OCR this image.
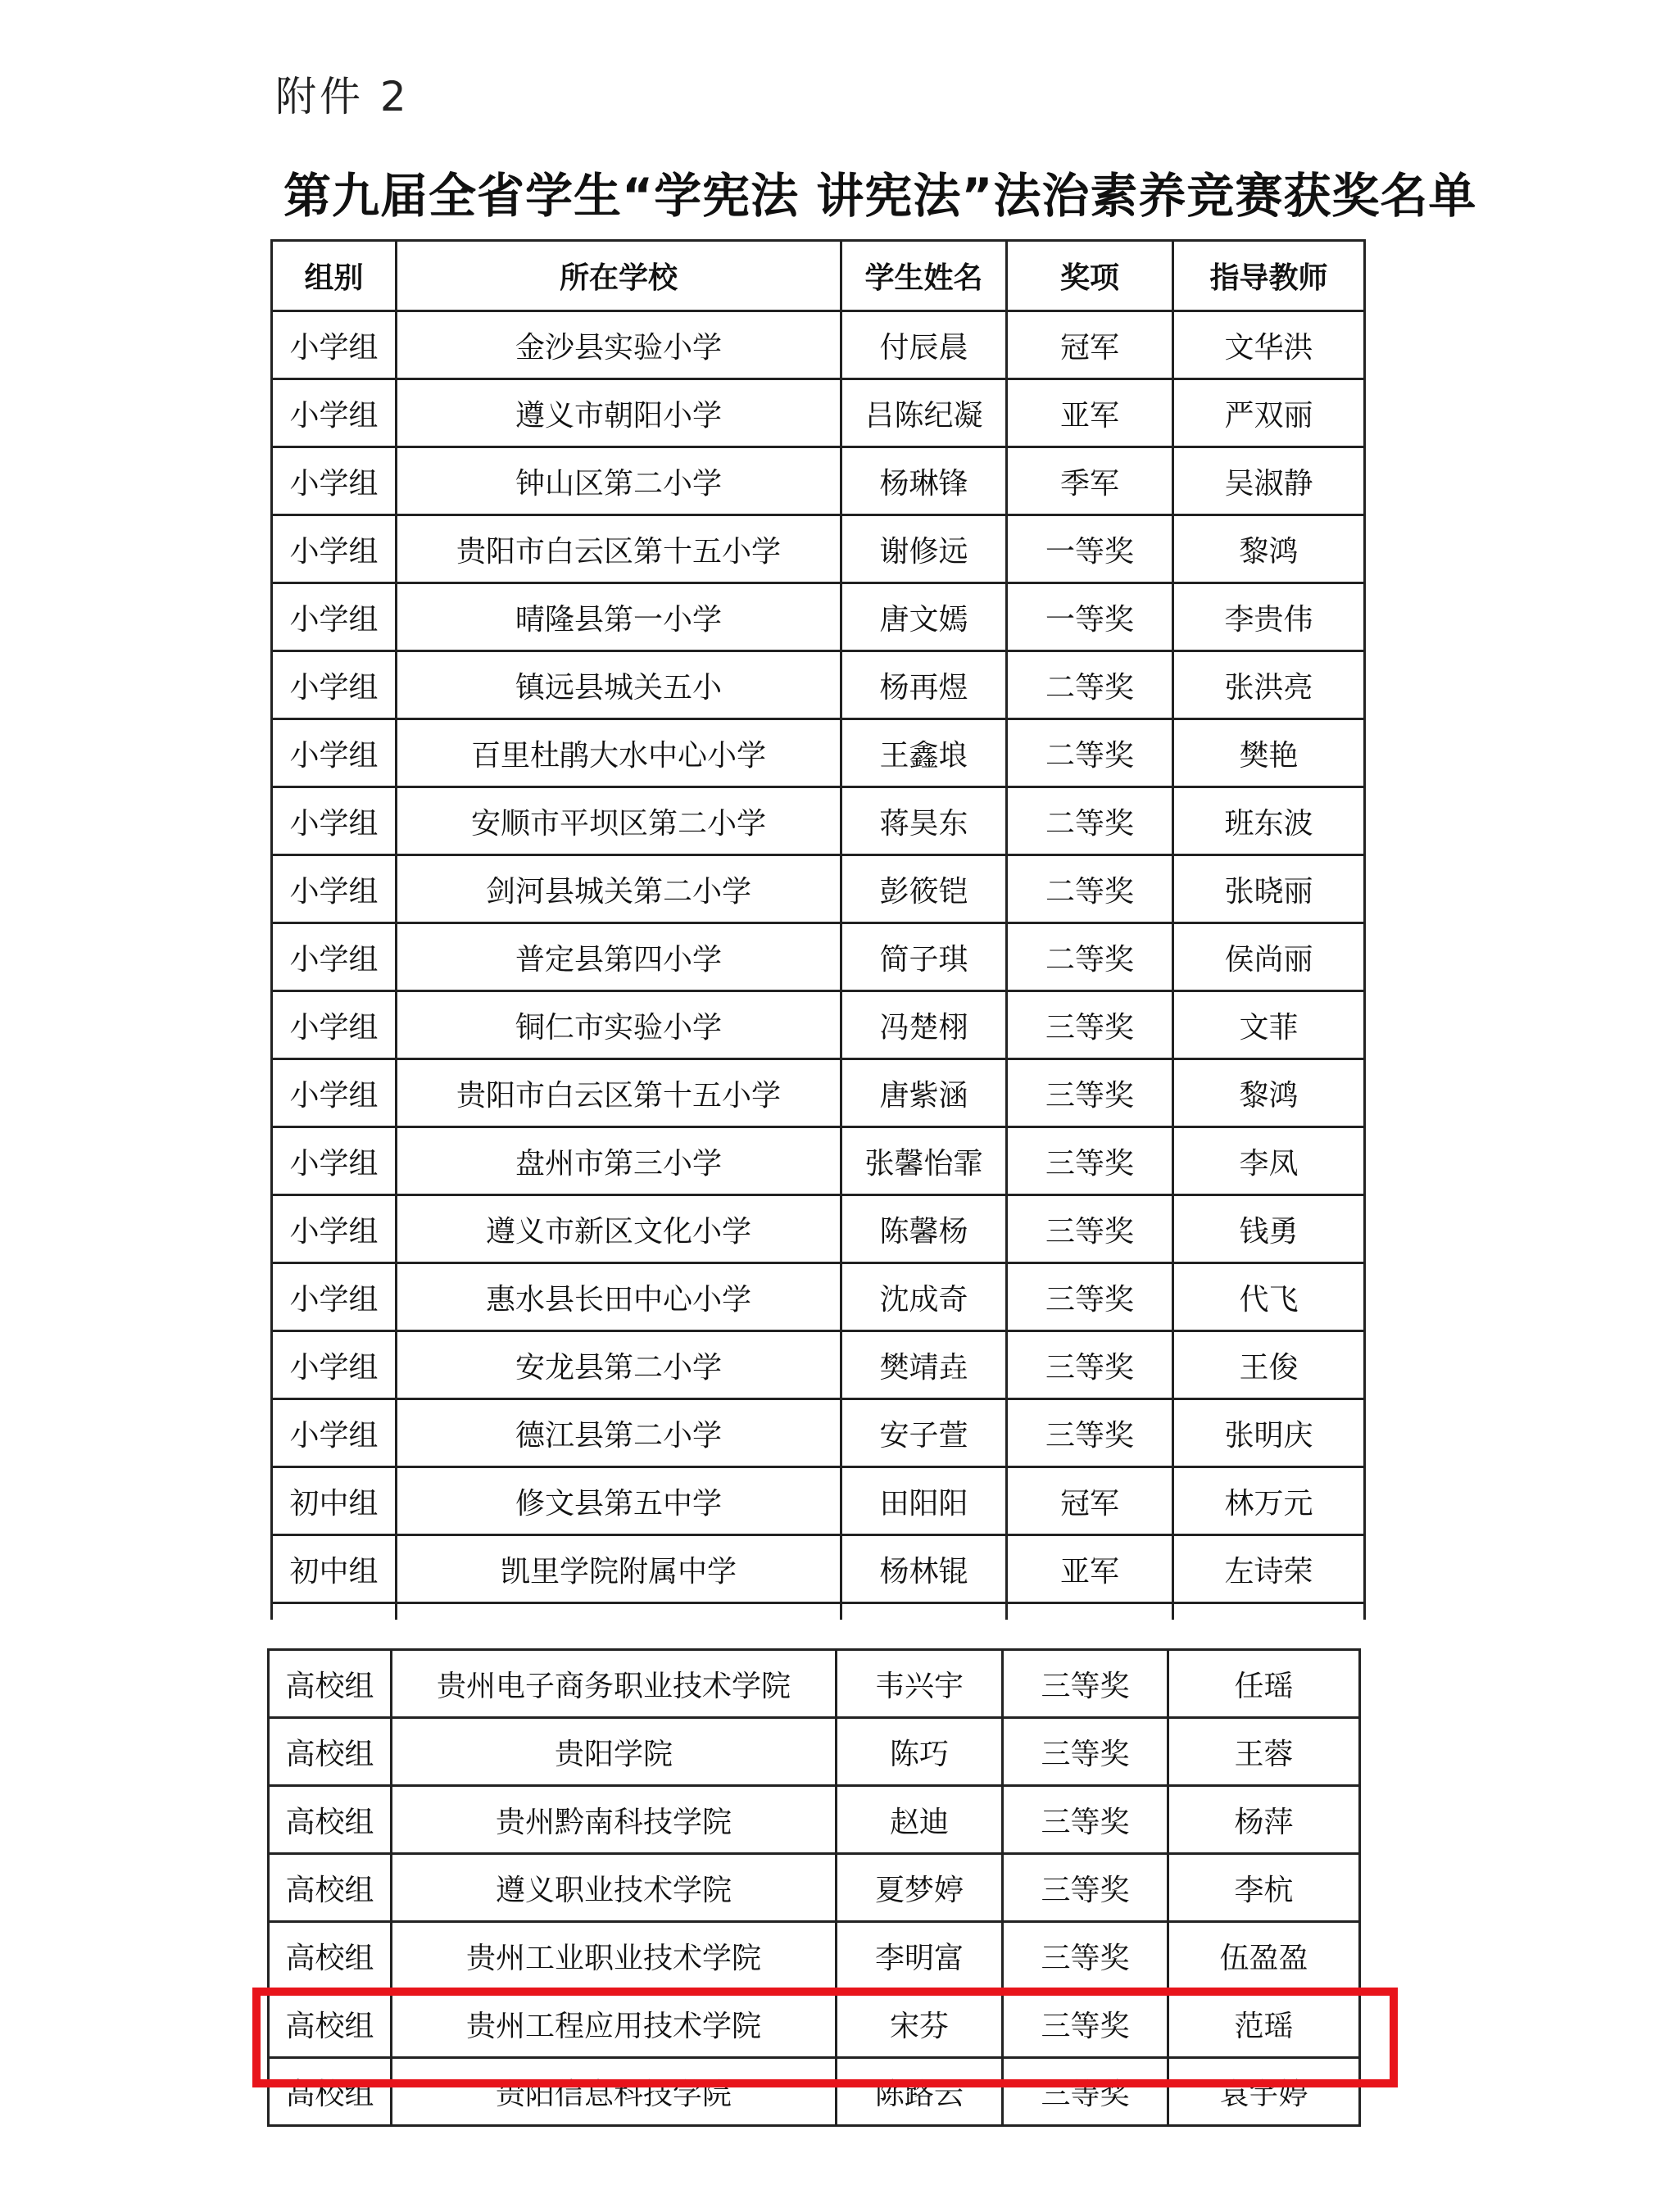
附件 2
第九届全省学生“学宪法 讲宪法”法治素养竞赛获奖名单
组别	所在学校	学生姓名	奖项	指导教师
小学组	金沙县实验小学	付辰晨	冠军	文华洪
小学组	遵义市朝阳小学	吕陈纪凝	亚军	严双丽
小学组	钟山区第二小学	杨琳锋	季军	吴淑静
小学组	贵阳市白云区第十五小学	谢修远	一等奖	黎鸿
小学组	晴隆县第一小学	唐文嫣	一等奖	李贵伟
小学组	镇远县城关五小	杨再煜	二等奖	张洪亮
小学组	百里杜鹃大水中心小学	王鑫埌	二等奖	樊艳
小学组	安顺市平坝区第二小学	蒋昊东	二等奖	班东波
小学组	剑河县城关第二小学	彭筱铠	二等奖	张晓丽
小学组	普定县第四小学	简子琪	二等奖	侯尚丽
小学组	铜仁市实验小学	冯楚栩	三等奖	文菲
小学组	贵阳市白云区第十五小学	唐紫涵	三等奖	黎鸿
小学组	盘州市第三小学	张馨怡霏	三等奖	李凤
小学组	遵义市新区文化小学	陈馨杨	三等奖	钱勇
小学组	惠水县长田中心小学	沈成奇	三等奖	代飞
小学组	安龙县第二小学	樊靖垚	三等奖	王俊
小学组	德江县第二小学	安子萱	三等奖	张明庆
初中组	修文县第五中学	田阳阳	冠军	林万元
初中组	凯里学院附属中学	杨林锟	亚军	左诗荣

高校组	贵州电子商务职业技术学院	韦兴宇	三等奖	任瑶
高校组	贵阳学院	陈巧	三等奖	王蓉
高校组	贵州黔南科技学院	赵迪	三等奖	杨萍
高校组	遵义职业技术学院	夏梦婷	三等奖	李杭
高校组	贵州工业职业技术学院	李明富	三等奖	伍盈盈
高校组	贵州工程应用技术学院	宋芬	三等奖	范瑶
高校组	贵阳信息科技学院	陈路云	三等奖	袁宇婷
